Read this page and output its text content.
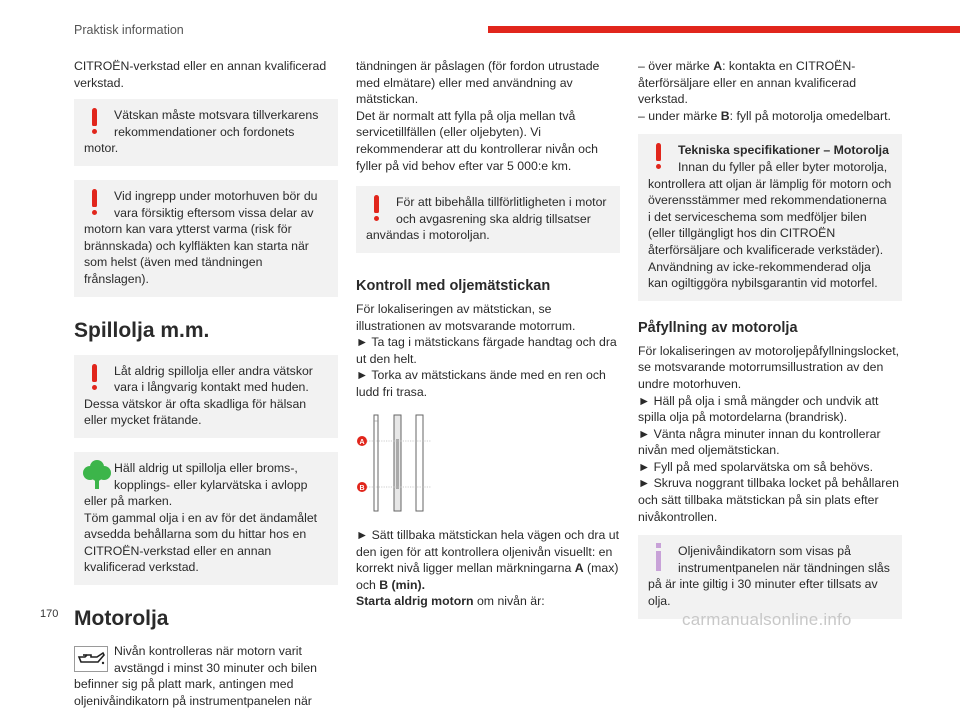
Praktisk information

CITROËN-verkstad eller en annan kvalificerad verkstad.

Vätskan måste motsvara tillverkarens rekommendationer och fordonets motor.
Vid ingrepp under motorhuven bör du vara försiktig eftersom vissa delar av motorn kan vara ytterst varma (risk för brännskada) och kylfläkten kan starta när som helst (även med tändningen frånslagen).
Spillolja m.m.
Låt aldrig spillolja eller andra vätskor vara i långvarig kontakt med huden. Dessa vätskor är ofta skadliga för hälsan eller mycket frätande.
Häll aldrig ut spillolja eller broms-, kopplings- eller kylarvätska i avlopp eller på marken.

Töm gammal olja i en av för det ändamålet avsedda behållarna som du hittar hos en CITROËN-verkstad eller en annan kvalificerad verkstad.

Motorolja
Nivån kontrolleras när motorn varit avstängd i minst 30 minuter och bilen befinner sig på platt mark, antingen med oljenivåindikatorn på instrumentpanelen när

tändningen är påslagen (för fordon utrustade med elmätare) eller med användning av mätstickan.

Det är normalt att fylla på olja mellan två servicetillfällen (eller oljebyten). Vi rekommenderar att du kontrollerar nivån och fyller på vid behov efter var 5 000:e km.

För att bibehålla tillförlitligheten i motor och avgasrening ska aldrig tillsatser användas i motoroljan.
Kontroll med oljemätstickan

För lokaliseringen av mätstickan, se illustrationen av motsvarande motorrum.

► Ta tag i mätstickans färgade handtag och dra ut den helt.

► Torka av mätstickans ände med en ren och ludd fri trasa.

A
B

► Sätt tillbaka mätstickan hela vägen och dra ut den igen för att kontrollera oljenivån visuellt: en korrekt nivå ligger mellan märkningarna A (max) och B (min).

Starta aldrig motorn om nivån är:

– över märke A: kontakta en CITROËN-återförsäljare eller en annan kvalificerad verkstad.

– under märke B: fyll på motorolja omedelbart.

Tekniska specifikationer – Motorolja
Innan du fyller på eller byter motorolja, kontrollera att oljan är lämplig för motorn och överensstämmer med rekommendationerna i det serviceschema som medföljer bilen (eller tillgängligt hos din CITROËN återförsäljare och kvalificerade verkstäder).

Användning av icke-rekommenderad olja kan ogiltiggöra nybilsgarantin vid motorfel.

Påfyllning av motorolja

För lokaliseringen av motoroljepåfyllningslocket, se motsvarande motorrumsillustration av den undre motorhuven.

► Häll på olja i små mängder och undvik att spilla olja på motordelarna (brandrisk).

► Vänta några minuter innan du kontrollerar nivån med oljemätstickan.

► Fyll på med spolarvätska om så behövs.

► Skruva noggrant tillbaka locket på behållaren och sätt tillbaka mätstickan på sin plats efter nivåkontrollen.

Oljenivåindikatorn som visas på instrumentpanelen när tändningen slås på är inte giltig i 30 minuter efter tillsats av olja.
170	carmanualsonline.info
